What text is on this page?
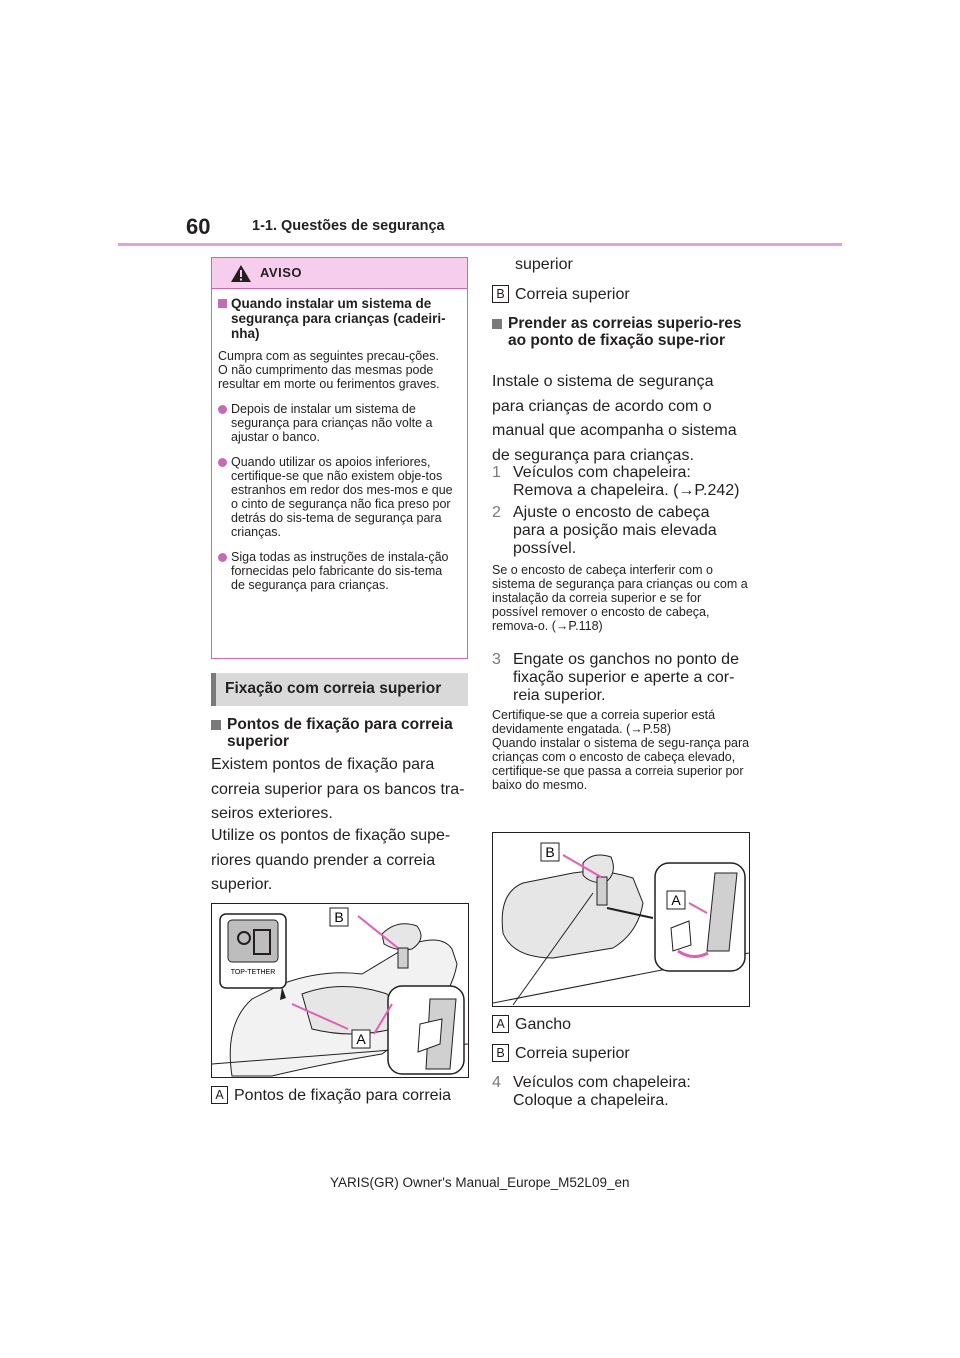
60	1-1. Questões de segurança
AVISO
Quando instalar um sistema de segurança para crianças (cadeiri-nha)
Cumpra com as seguintes precau-ções.
O não cumprimento das mesmas pode resultar em morte ou ferimentos graves.
Depois de instalar um sistema de segurança para crianças não volte a ajustar o banco.
Quando utilizar os apoios inferiores, certifique-se que não existem obje-tos estranhos em redor dos mes-mos e que o cinto de segurança não fica preso por detrás do sis-tema de segurança para crianças.
Siga todas as instruções de instala-ção fornecidas pelo fabricante do sis-tema de segurança para crianças.
Fixação com correia superior
Pontos de fixação para correia superior
Existem pontos de fixação para correia superior para os bancos tra-seiros exteriores.
Utilize os pontos de fixação supe-riores quando prender a correia superior.
TOP-TETHER
B
A
A Pontos de fixação para correia
superior
B Correia superior
Prender as correias superio-res ao ponto de fixação supe-rior
Instale o sistema de segurança para crianças de acordo com o manual que acompanha o sistema de segurança para crianças.
1 Veículos com chapeleira: Remova a chapeleira. (→P.242)
2 Ajuste o encosto de cabeça para a posição mais elevada possível.
Se o encosto de cabeça interferir com o sistema de segurança para crianças ou com a instalação da correia superior e se for possível remover o encosto de cabeça, remova-o. (→P.118)
3 Engate os ganchos no ponto de fixação superior e aperte a cor-reia superior.
Certifique-se que a correia superior está devidamente engatada. (→P.58)
Quando instalar o sistema de segu-rança para crianças com o encosto de cabeça elevado, certifique-se que passa a correia superior por baixo do mesmo.
B
A
A Gancho
B Correia superior
4 Veículos com chapeleira: Coloque a chapeleira.
YARIS(GR) Owner's Manual_Europe_M52L09_en
